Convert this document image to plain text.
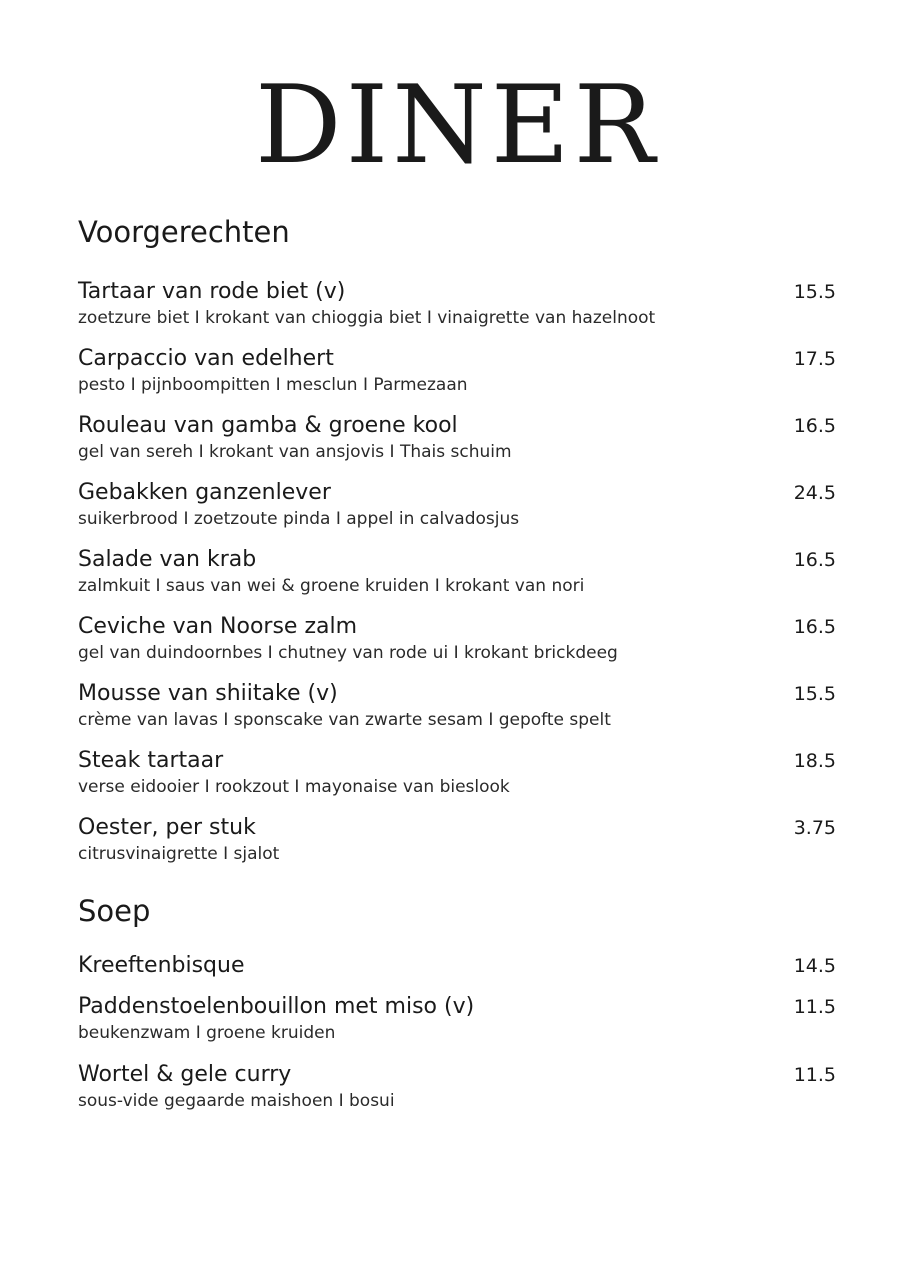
DINER
Voorgerechten
Tartaar van rode biet (v)	15.5
zoetzure biet I krokant van chioggia biet I vinaigrette van hazelnoot
Carpaccio van edelhert	17.5
pesto I pijnboompitten I mesclun I Parmezaan
Rouleau van gamba & groene kool	16.5
gel van sereh I krokant van ansjovis I Thais schuim
Gebakken ganzenlever	24.5
suikerbrood I zoetzoute pinda I appel in calvadosjus
Salade van krab	16.5
zalmkuit I saus van wei & groene kruiden I krokant van nori
Ceviche van Noorse zalm	16.5
gel van duindoornbes I chutney van rode ui I krokant brickdeeg
Mousse van shiitake (v)	15.5
crème van lavas I sponscake van zwarte sesam I gepofte spelt
Steak tartaar	18.5
verse eidooier I rookzout I mayonaise van bieslook
Oester, per stuk	3.75
citrusvinaigrette I sjalot
Soep
Kreeftenbisque	14.5
Paddenstoelenbouillon met miso (v)	11.5
beukenzwam I groene kruiden
Wortel & gele curry	11.5
sous-vide gegaarde maishoen I bosui
